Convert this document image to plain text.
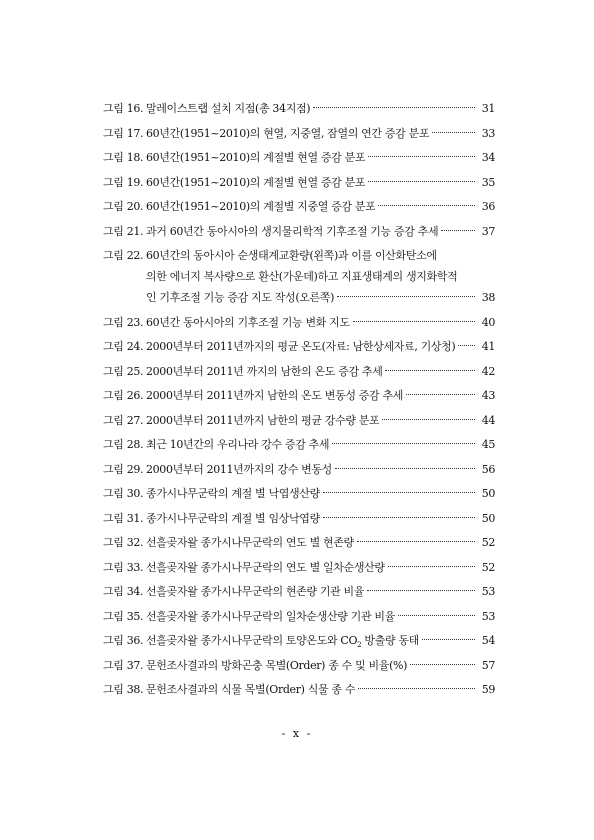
그림 16. 말레이스트랩 설치 지점(총 34지점)	31
그림 17. 60년간(1951~2010)의 현열, 지중열, 잠열의 연간 증감 분포	33
그림 18. 60년간(1951~2010)의 계절별 현열 증감 분포	34
그림 19. 60년간(1951~2010)의 계절별 현열 증감 분포	35
그림 20. 60년간(1951~2010)의 계절별 지중열 증감 분포	36
그림 21. 과거 60년간 동아시아의 생지물리학적 기후조절 기능 증감 추세	37
그림 22. 60년간의 동아시아 순생태계교환량(왼쪽)과 이를 이산화탄소에
의한 에너지 복사량으로 환산(가운데)하고 지표생태계의 생지화학적
인 기후조절 기능 증감 지도 작성(오른쪽)	38
그림 23. 60년간 동아시아의 기후조절 기능 변화 지도	40
그림 24. 2000년부터 2011년까지의 평균 온도(자료: 남한상세자료, 기상청)	41
그림 25. 2000년부터 2011년 까지의 남한의 온도 증감 추세	42
그림 26. 2000년부터 2011년까지 남한의 온도 변동성 증감 추세	43
그림 27. 2000년부터 2011년까지 남한의 평균 강수량 분포	44
그림 28. 최근 10년간의 우리나라 강수 증감 추세	45
그림 29. 2000년부터 2011년까지의 강수 변동성	56
그림 30. 종가시나무군락의 계절 별 낙엽생산량	50
그림 31. 종가시나무군락의 계절 별 임상낙엽량	50
그림 32. 선흘곶자왈 종가시나무군락의 연도 별 현존량	52
그림 33. 선흘곶자왈 종가시나무군락의 연도 별 일차순생산량	52
그림 34. 선흘곶자왈 종가시나무군락의 현존량 기관 비율	53
그림 35. 선흘곶자왈 종가시나무군락의 일차순생산량 기관 비율	53
그림 36. 선흘곶자왈 종가시나무군락의 토양온도와 $CO_2$ 방출량 동태	54
그림 37. 문헌조사결과의 방화곤충 목별(Order) 종 수 및 비율(%)	57
그림 38. 문헌조사결과의 식물 목별(Order) 식물 종 수	59
- x -
